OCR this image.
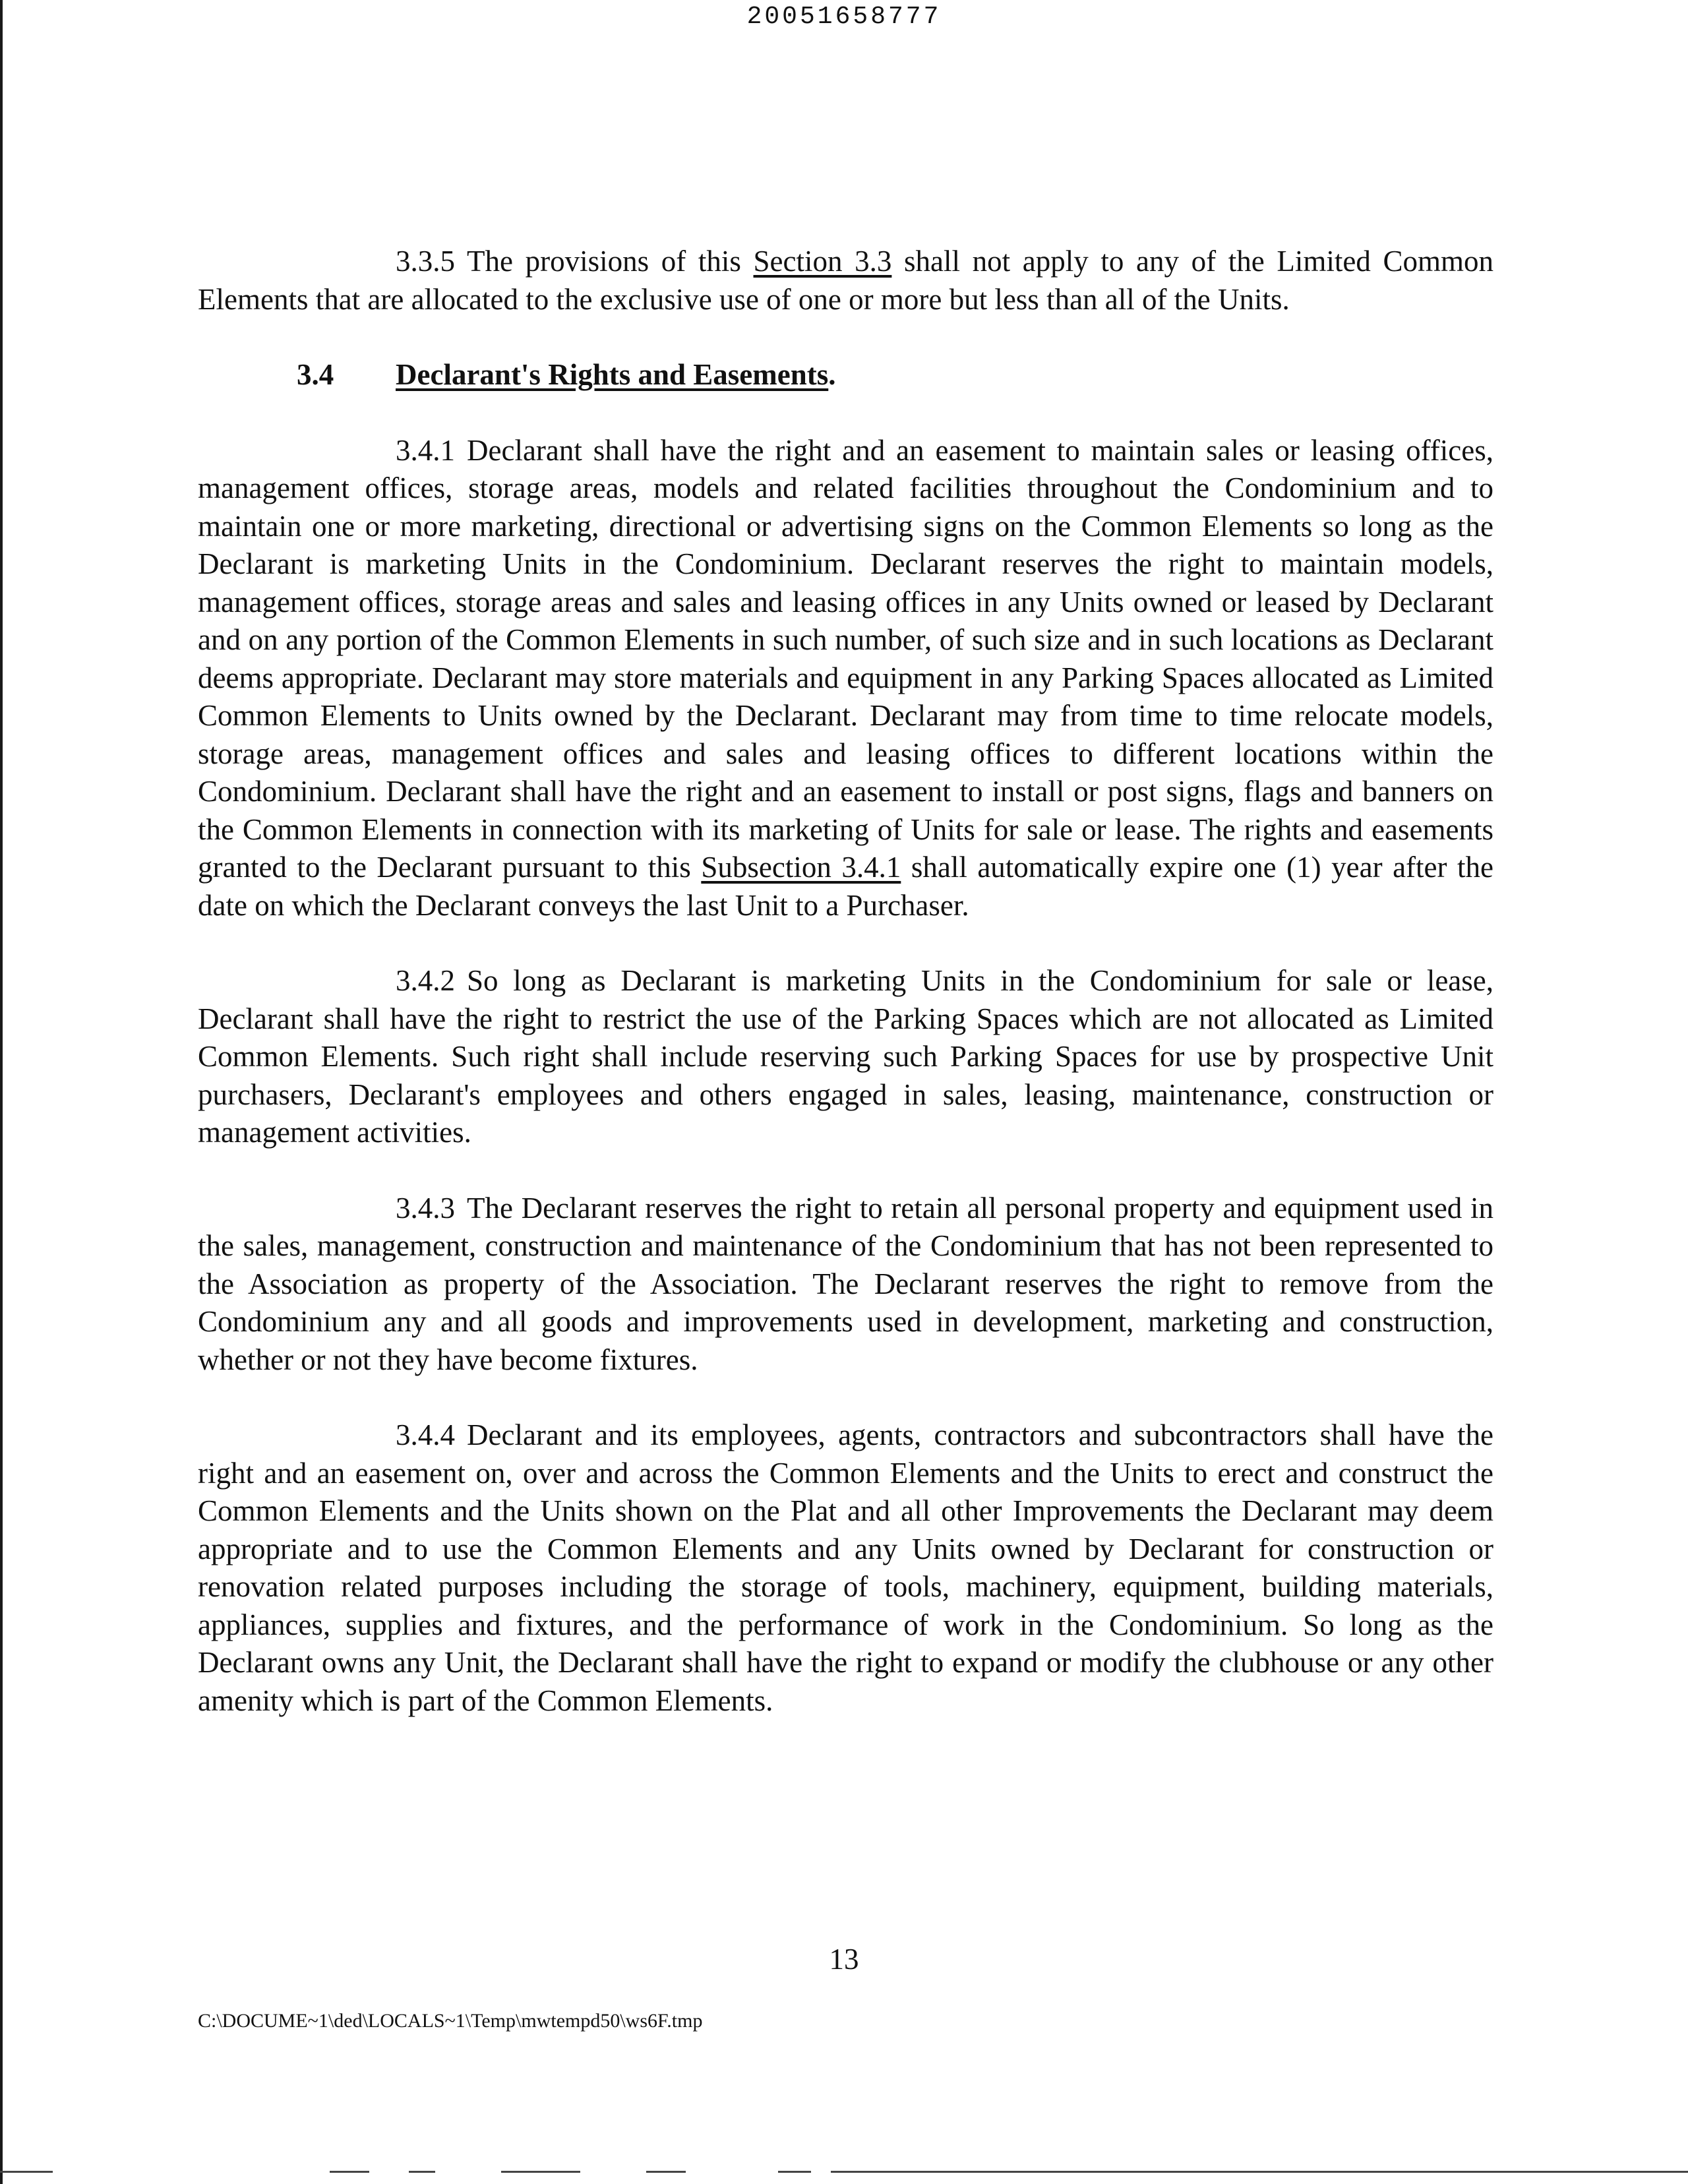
20051658777

3.3.5 The provisions of this Section 3.3 shall not apply to any of the Limited Common Elements that are allocated to the exclusive use of one or more but less than all of the Units.

3.4 Declarant's Rights and Easements.

3.4.1 Declarant shall have the right and an easement to maintain sales or leasing offices, management offices, storage areas, models and related facilities throughout the Condominium and to maintain one or more marketing, directional or advertising signs on the Common Elements so long as the Declarant is marketing Units in the Condominium. Declarant reserves the right to maintain models, management offices, storage areas and sales and leasing offices in any Units owned or leased by Declarant and on any portion of the Common Elements in such number, of such size and in such locations as Declarant deems appropriate. Declarant may store materials and equipment in any Parking Spaces allocated as Limited Common Elements to Units owned by the Declarant. Declarant may from time to time relocate models, storage areas, management offices and sales and leasing offices to different locations within the Condominium. Declarant shall have the right and an easement to install or post signs, flags and banners on the Common Elements in connection with its marketing of Units for sale or lease. The rights and easements granted to the Declarant pursuant to this Subsection 3.4.1 shall automatically expire one (1) year after the date on which the Declarant conveys the last Unit to a Purchaser.

3.4.2 So long as Declarant is marketing Units in the Condominium for sale or lease, Declarant shall have the right to restrict the use of the Parking Spaces which are not allocated as Limited Common Elements. Such right shall include reserving such Parking Spaces for use by prospective Unit purchasers, Declarant's employees and others engaged in sales, leasing, maintenance, construction or management activities.

3.4.3 The Declarant reserves the right to retain all personal property and equipment used in the sales, management, construction and maintenance of the Condominium that has not been represented to the Association as property of the Association. The Declarant reserves the right to remove from the Condominium any and all goods and improvements used in development, marketing and construction, whether or not they have become fixtures.

3.4.4 Declarant and its employees, agents, contractors and subcontractors shall have the right and an easement on, over and across the Common Elements and the Units to erect and construct the Common Elements and the Units shown on the Plat and all other Improvements the Declarant may deem appropriate and to use the Common Elements and any Units owned by Declarant for construction or renovation related purposes including the storage of tools, machinery, equipment, building materials, appliances, supplies and fixtures, and the performance of work in the Condominium. So long as the Declarant owns any Unit, the Declarant shall have the right to expand or modify the clubhouse or any other amenity which is part of the Common Elements.

13
C:\DOCUME~1\ded\LOCALS~1\Temp\mwtempd50\ws6F.tmp
